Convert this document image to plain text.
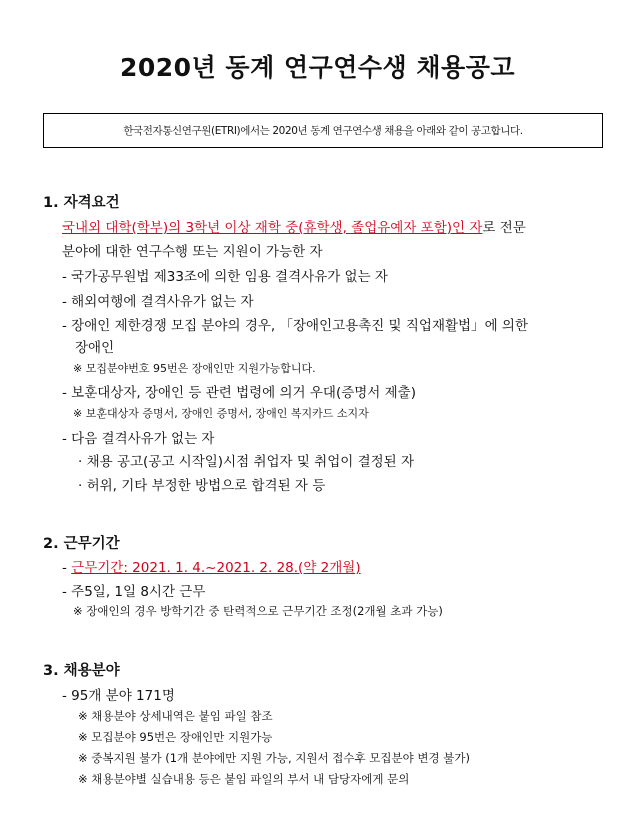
2020년 동계 연구연수생 채용공고
한국전자통신연구원(ETRI)에서는 2020년 동계 연구연수생 채용을 아래와 같이 공고합니다.
1. 자격요건
국내외 대학(학부)의 3학년 이상 재학 중(휴학생, 졸업유예자 포함)인 자로 전문
분야에 대한 연구수행 또는 지원이 가능한 자
- 국가공무원법 제33조에 의한 임용 결격사유가 없는 자
- 해외여행에 결격사유가 없는 자
- 장애인 제한경쟁 모집 분야의 경우, 「장애인고용촉진 및 직업재활법」에 의한
장애인
※ 모집분야번호 95번은 장애인만 지원가능합니다.
- 보훈대상자, 장애인 등 관련 법령에 의거 우대(증명서 제출)
※ 보훈대상자 증명서, 장애인 증명서, 장애인 복지카드 소지자
- 다음 결격사유가 없는 자
· 채용 공고(공고 시작일)시점 취업자 및 취업이 결정된 자
· 허위, 기타 부정한 방법으로 합격된 자 등
2. 근무기간
- 근무기간: 2021. 1. 4.~2021. 2. 28.(약 2개월)
- 주5일, 1일 8시간 근무
※ 장애인의 경우 방학기간 중 탄력적으로 근무기간 조정(2개월 초과 가능)
3. 채용분야
- 95개 분야 171명
※ 채용분야 상세내역은 붙임 파일 참조
※ 모집분야 95번은 장애인만 지원가능
※ 중복지원 불가 (1개 분야에만 지원 가능, 지원서 접수후 모집분야 변경 불가)
※ 채용분야별 실습내용 등은 붙임 파일의 부서 내 담당자에게 문의
